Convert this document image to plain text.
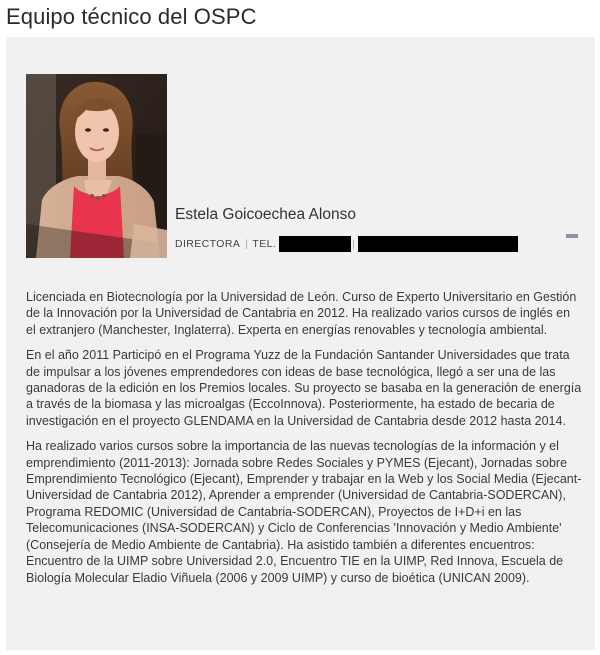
Equipo técnico del OSPC
Estela Goicoechea Alonso
DIRECTORA | TEL.	|

Licenciada en Biotecnología por la Universidad de León. Curso de Experto Universitario en Gestión de la Innovación por la Universidad de Cantabria en 2012. Ha realizado varios cursos de inglés en el extranjero (Manchester, Inglaterra). Experta en energías renovables y tecnología ambiental.

En el año 2011 Participó en el Programa Yuzz de la Fundación Santander Universidades que trata de impulsar a los jóvenes emprendedores con ideas de base tecnológica, llegó a ser una de las ganadoras de la edición en los Premios locales. Su proyecto se basaba en la generación de energía a través de la biomasa y las microalgas (EccoInnova). Posteriormente, ha estado de becaria de investigación en el proyecto GLENDAMA en la Universidad de Cantabria desde 2012 hasta 2014.

Ha realizado varios cursos sobre la importancia de las nuevas tecnologías de la información y el emprendimiento (2011-2013): Jornada sobre Redes Sociales y PYMES (Ejecant), Jornadas sobre Emprendimiento Tecnológico (Ejecant), Emprender y trabajar en la Web y los Social Media (Ejecant-Universidad de Cantabria 2012), Aprender a emprender (Universidad de Cantabria-SODERCAN), Programa REDOMIC (Universidad de Cantabria-SODERCAN), Proyectos de I+D+i en las Telecomunicaciones (INSA-SODERCAN) y Ciclo de Conferencias 'Innovación y Medio Ambiente' (Consejería de Medio Ambiente de Cantabria). Ha asistido también a diferentes encuentros: Encuentro de la UIMP sobre Universidad 2.0, Encuentro TIE en la UIMP, Red Innova, Escuela de Biología Molecular Eladio Viñuela (2006 y 2009 UIMP) y curso de bioética (UNICAN 2009).
